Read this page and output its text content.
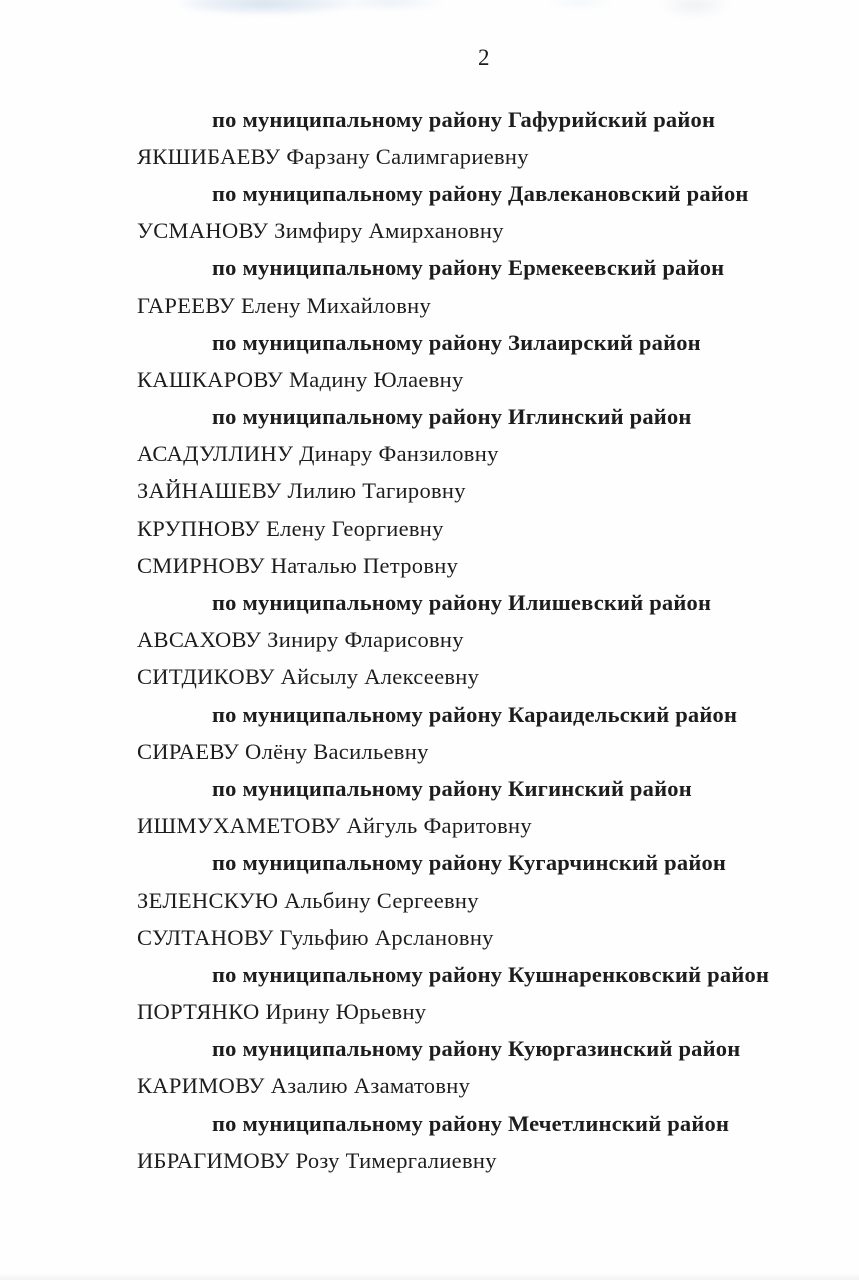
2
по муниципальному району Гафурийский район
ЯКШИБАЕВУ Фарзану Салимгариевну
по муниципальному району Давлекановский район
УСМАНОВУ Зимфиру Амирхановну
по муниципальному району Ермекеевский район
ГАРЕЕВУ Елену Михайловну
по муниципальному району Зилаирский район
КАШКАРОВУ Мадину Юлаевну
по муниципальному району Иглинский район
АСАДУЛЛИНУ Динару Фанзиловну
ЗАЙНАШЕВУ Лилию Тагировну
КРУПНОВУ Елену Георгиевну
СМИРНОВУ Наталью Петровну
по муниципальному району Илишевский район
АВСАХОВУ Зиниру Фларисовну
СИТДИКОВУ Айсылу Алексеевну
по муниципальному району Караидельский район
СИРАЕВУ Олёну Васильевну
по муниципальному району Кигинский район
ИШМУХАМЕТОВУ Айгуль Фаритовну
по муниципальному району Кугарчинский район
ЗЕЛЕНСКУЮ Альбину Сергеевну
СУЛТАНОВУ Гульфию Арслановну
по муниципальному району Кушнаренковский район
ПОРТЯНКО Ирину Юрьевну
по муниципальному району Куюргазинский район
КАРИМОВУ Азалию Азаматовну
по муниципальному району Мечетлинский район
ИБРАГИМОВУ Розу Тимергалиевну
